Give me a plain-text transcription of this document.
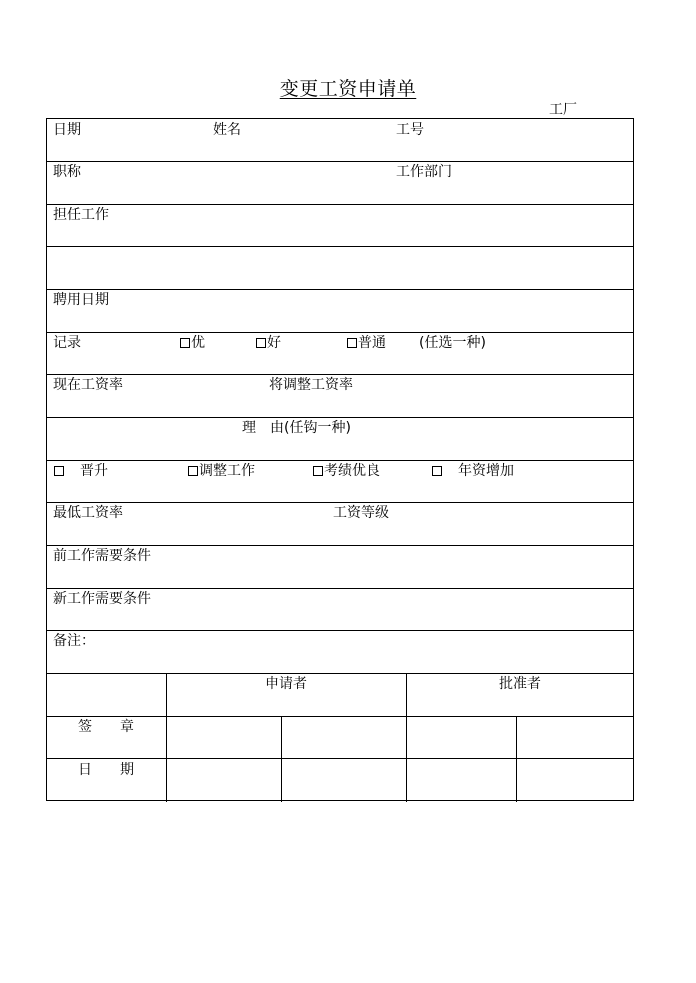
变更工资申请单
工厂
日期	姓名	工号
职称	工作部门
担任工作
聘用日期
记录	优	好	普通 (任选一种)
现在工资率	将调整工资率
理　由(任钩一种)
晋升	调整工作	考绩优良	年资增加
最低工资率	工资等级
前工作需要条件
新工作需要条件
备注：
申请者	批准者
签　　章
日　　期
